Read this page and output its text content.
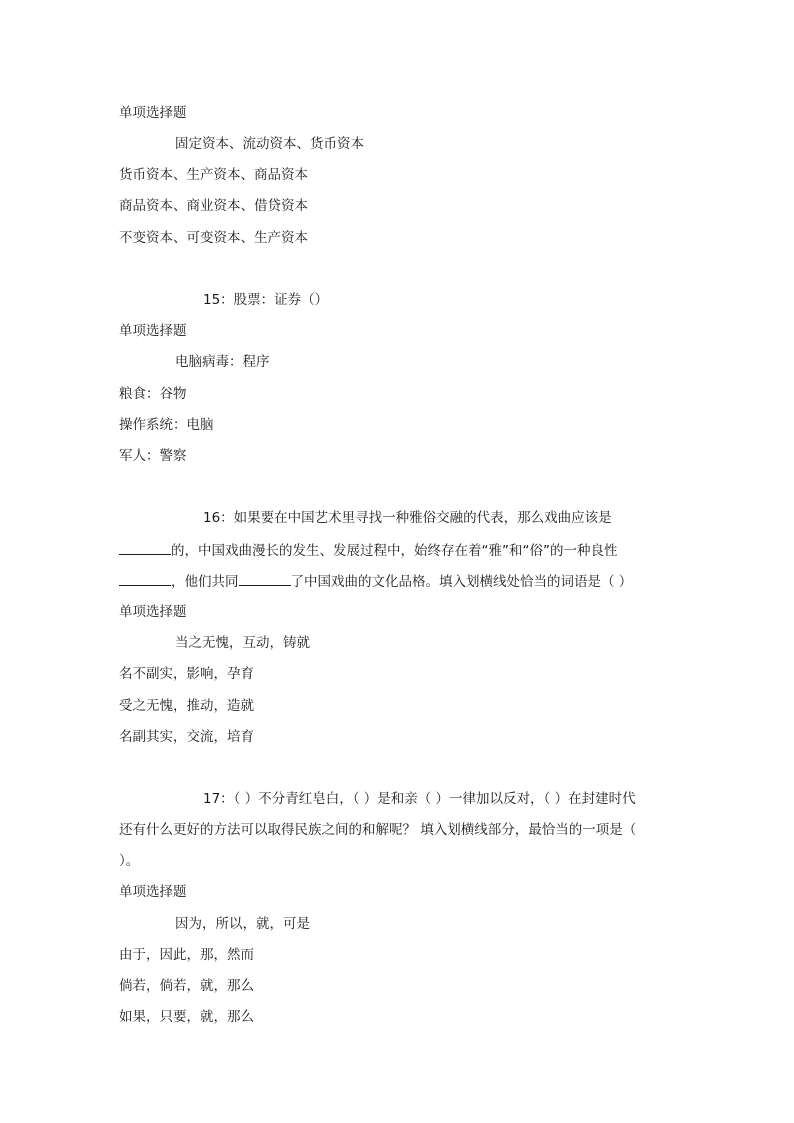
单项选择题
固定资本、流动资本、货币资本
货币资本、生产资本、商品资本
商品资本、商业资本、借贷资本
不变资本、可变资本、生产资本
15：股票：证券（）
单项选择题
电脑病毒：程序
粮食：谷物
操作系统：电脑
军人：警察
16：如果要在中国艺术里寻找一种雅俗交融的代表，那么戏曲应该是
的，中国戏曲漫长的发生、发展过程中，始终存在着“雅”和“俗”的一种良性
，他们共同	了中国戏曲的文化品格。填入划横线处恰当的词语是（ ）
单项选择题
当之无愧，互动，铸就
名不副实，影响，孕育
受之无愧，推动，造就
名副其实，交流，培育
17：（ ）不分青红皂白，（ ）是和亲（ ）一律加以反对，（ ）在封建时代
还有什么更好的方法可以取得民族之间的和解呢？ 填入划横线部分，最恰当的一项是（
）。
单项选择题
因为，所以，就，可是
由于，因此，那，然而
倘若，倘若，就，那么
如果，只要，就，那么
